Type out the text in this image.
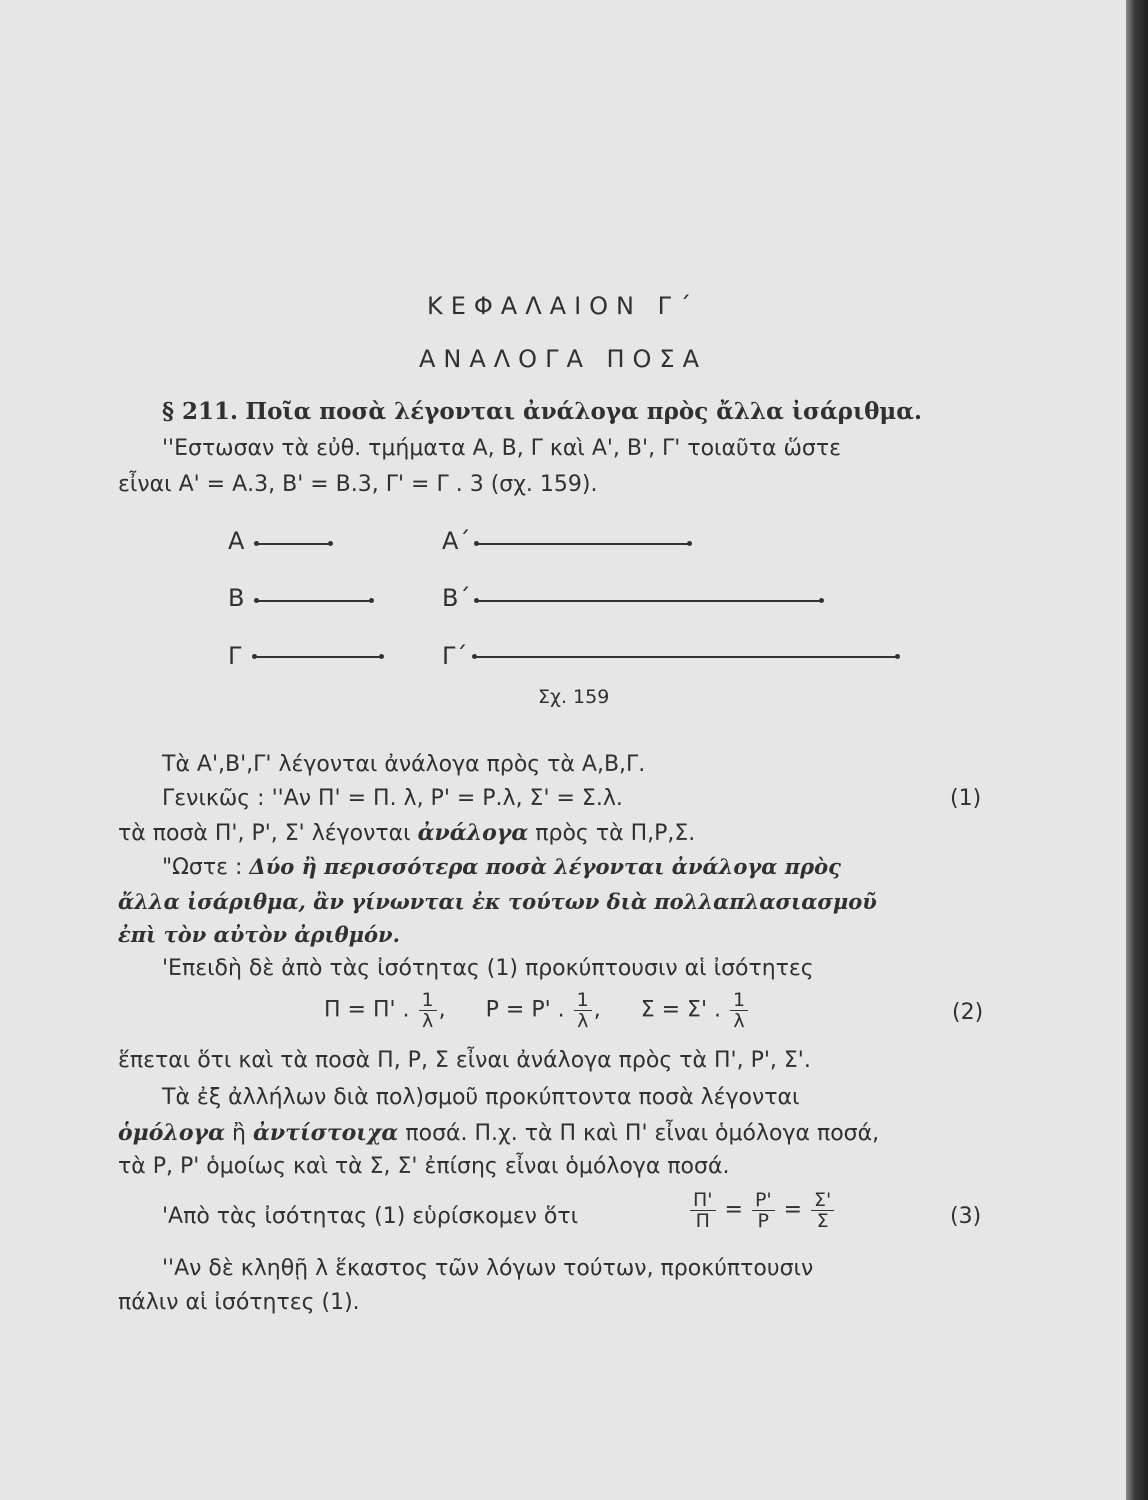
ΚΕΦΑΛΑΙΟΝ Γ΄
ΑΝΑΛΟΓΑ ΠΟΣΑ
§ 211. Ποῖα ποσὰ λέγονται ἀνάλογα πρὸς ἄλλα ἰσάριθμα.
''Εστωσαν τὰ εὐθ. τμήματα Α, Β, Γ καὶ Α', Β', Γ' τοιαῦτα ὥστε
εἶναι Α' = Α.3, Β' = Β.3, Γ' = Γ . 3 (σχ. 159).
Α
Β
Γ
Α΄
Β΄
Γ΄
Σχ. 159
Τὰ Α',Β',Γ' λέγονται ἀνάλογα πρὸς τὰ Α,Β,Γ.
Γενικῶς : ''Αν Π' = Π. λ, Ρ' = Ρ.λ, Σ' = Σ.λ.	(1)
τὰ ποσὰ Π', Ρ', Σ' λέγονται ἀνάλογα πρὸς τὰ Π,Ρ,Σ.
"Ωστε : Δύο ἢ περισσότερα ποσὰ λέγονται ἀνάλογα πρὸς
ἄλλα ἰσάριθμα, ἂν γίνωνται ἐκ τούτων διὰ πολλαπλασιασμοῦ
ἐπὶ τὸν αὐτὸν ἀριθμόν.
'Επειδὴ δὲ ἀπὸ τὰς ἰσότητας (1) προκύπτουσιν αἱ ἰσότητες
Π = Π' . $\frac{1}{\lambda}$ ,  Ρ = Ρ' . $\frac{1}{\lambda}$ ,  Σ = Σ' . $\frac{1}{\lambda}$	(2)
ἕπεται ὅτι καὶ τὰ ποσὰ Π, Ρ, Σ εἶναι ἀνάλογα πρὸς τὰ Π', Ρ', Σ'.
Τὰ ἐξ ἀλλήλων διὰ πολ)σμοῦ προκύπτοντα ποσὰ λέγονται
ὁμόλογα ἢ ἀντίστοιχα ποσά. Π.χ. τὰ Π καὶ Π' εἶναι ὁμόλογα ποσά,
τὰ Ρ, Ρ' ὁμοίως καὶ τὰ Σ, Σ' ἐπίσης εἶναι ὁμόλογα ποσά.
'Απὸ τὰς ἰσότητας (1) εὑρίσκομεν ὅτι	$\frac{\Pi'}{\Pi} = \frac{P'}{P} = \frac{\Sigma'}{\Sigma}$	(3)
''Αν δὲ κληθῇ λ ἕκαστος τῶν λόγων τούτων, προκύπτουσιν
πάλιν αἱ ἰσότητες (1).
